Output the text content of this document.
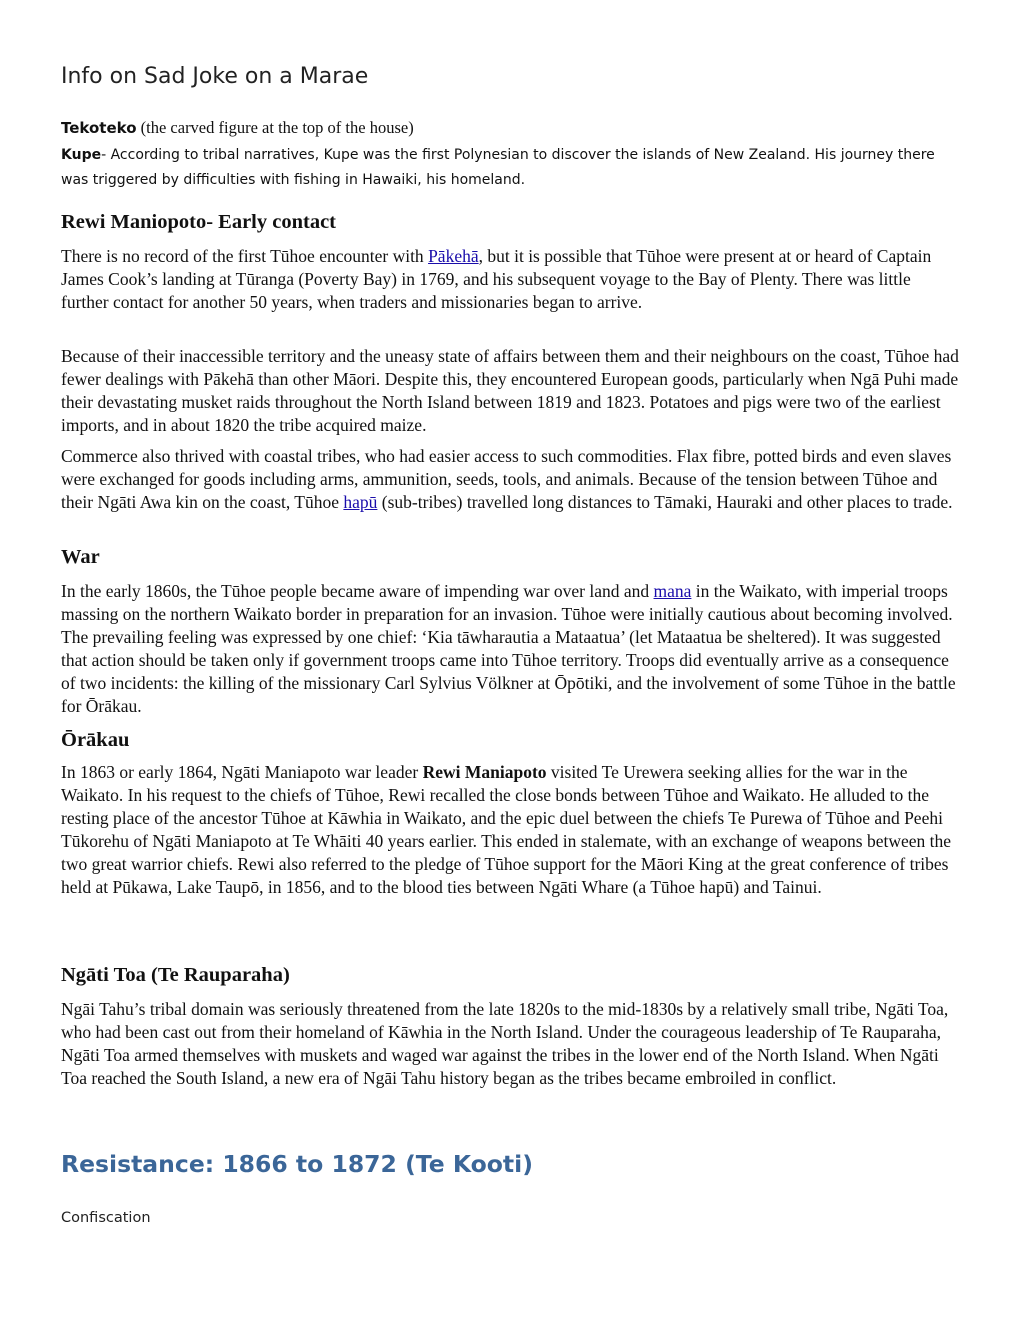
Info on Sad Joke on a Marae

Tekoteko (the carved figure at the top of the house)

Kupe- According to tribal narratives, Kupe was the first Polynesian to discover the islands of New Zealand. His journey there was triggered by difficulties with fishing in Hawaiki, his homeland.

Rewi Maniopoto- Early contact

There is no record of the first Tūhoe encounter with Pākehā, but it is possible that Tūhoe were present at or heard of Captain James Cook’s landing at Tūranga (Poverty Bay) in 1769, and his subsequent voyage to the Bay of Plenty. There was little further contact for another 50 years, when traders and missionaries began to arrive.

Because of their inaccessible territory and the uneasy state of affairs between them and their neighbours on the coast, Tūhoe had fewer dealings with Pākehā than other Māori. Despite this, they encountered European goods, particularly when Ngā Puhi made their devastating musket raids throughout the North Island between 1819 and 1823. Potatoes and pigs were two of the earliest imports, and in about 1820 the tribe acquired maize.

Commerce also thrived with coastal tribes, who had easier access to such commodities. Flax fibre, potted birds and even slaves were exchanged for goods including arms, ammunition, seeds, tools, and animals. Because of the tension between Tūhoe and their Ngāti Awa kin on the coast, Tūhoe hapū (sub-tribes) travelled long distances to Tāmaki, Hauraki and other places to trade.

War

In the early 1860s, the Tūhoe people became aware of impending war over land and mana in the Waikato, with imperial troops massing on the northern Waikato border in preparation for an invasion. Tūhoe were initially cautious about becoming involved. The prevailing feeling was expressed by one chief: ‘Kia tāwharautia a Mataatua’ (let Mataatua be sheltered). It was suggested that action should be taken only if government troops came into Tūhoe territory. Troops did eventually arrive as a consequence of two incidents: the killing of the missionary Carl Sylvius Völkner at Ōpōtiki, and the involvement of some Tūhoe in the battle for Ōrākau.

Ōrākau

In 1863 or early 1864, Ngāti Maniapoto war leader Rewi Maniapoto visited Te Urewera seeking allies for the war in the Waikato. In his request to the chiefs of Tūhoe, Rewi recalled the close bonds between Tūhoe and Waikato. He alluded to the resting place of the ancestor Tūhoe at Kāwhia in Waikato, and the epic duel between the chiefs Te Purewa of Tūhoe and Peehi Tūkorehu of Ngāti Maniapoto at Te Whāiti 40 years earlier. This ended in stalemate, with an exchange of weapons between the two great warrior chiefs. Rewi also referred to the pledge of Tūhoe support for the Māori King at the great conference of tribes held at Pūkawa, Lake Taupō, in 1856, and to the blood ties between Ngāti Whare (a Tūhoe hapū) and Tainui.

Ngāti Toa (Te Rauparaha)

Ngāi Tahu’s tribal domain was seriously threatened from the late 1820s to the mid-1830s by a relatively small tribe, Ngāti Toa, who had been cast out from their homeland of Kāwhia in the North Island. Under the courageous leadership of Te Rauparaha, Ngāti Toa armed themselves with muskets and waged war against the tribes in the lower end of the North Island. When Ngāti Toa reached the South Island, a new era of Ngāi Tahu history began as the tribes became embroiled in conflict.

Resistance: 1866 to 1872 (Te Kooti)

Confiscation
